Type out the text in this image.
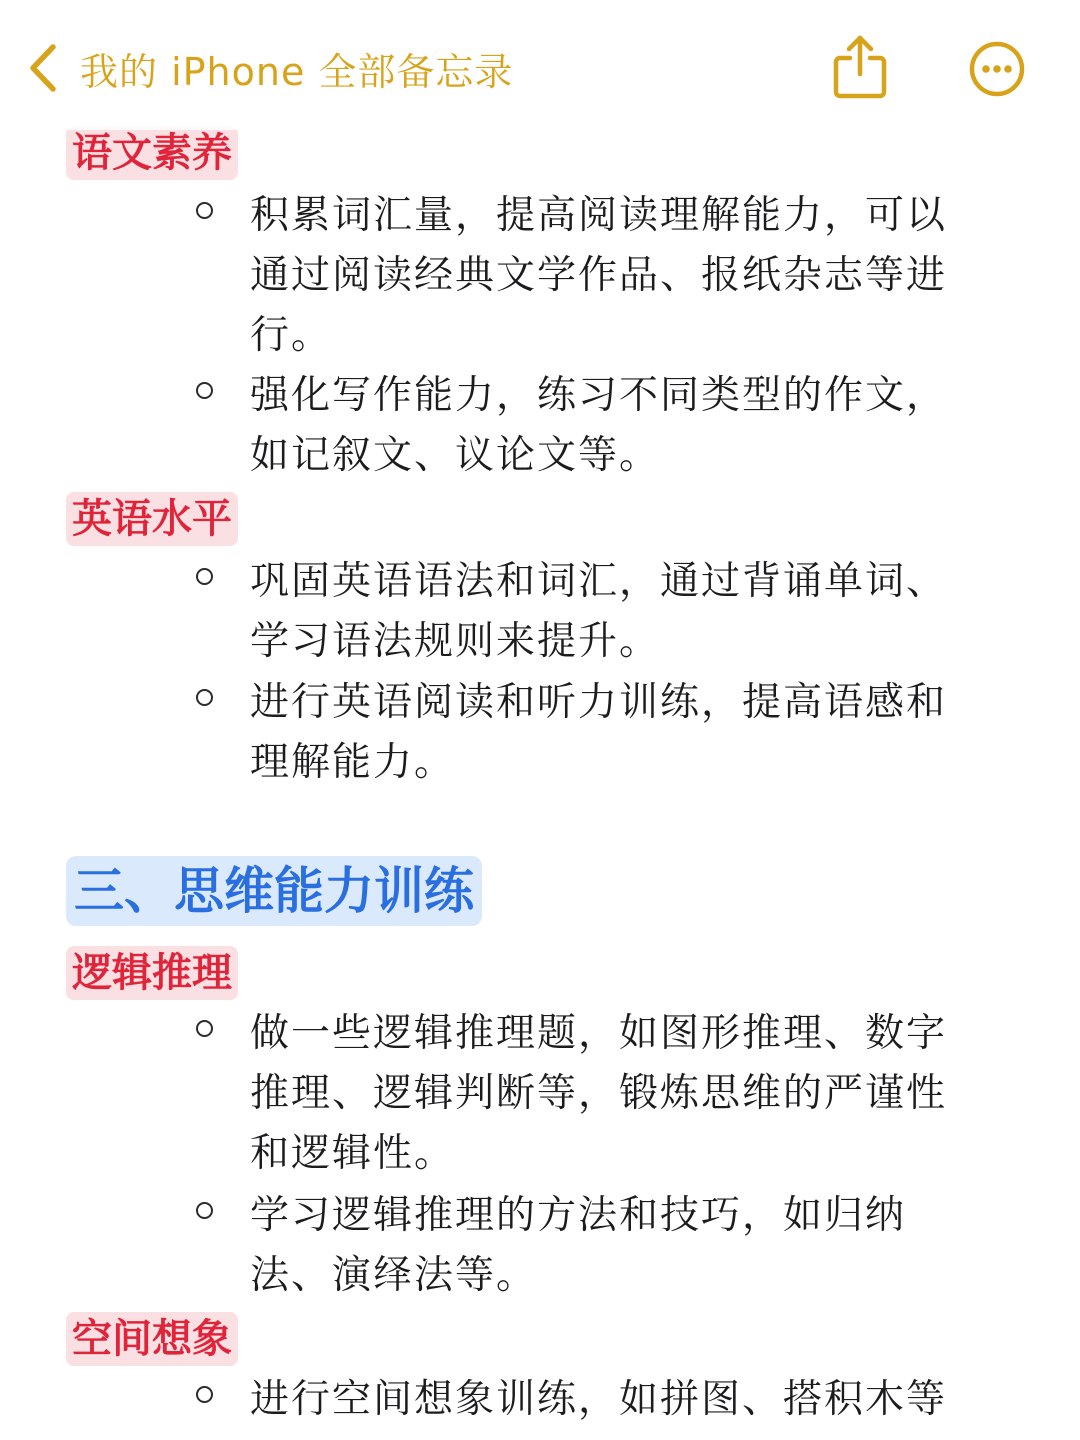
我的 iPhone 全部备忘录
语文素养
积累词汇量，提高阅读理解能力，可以通过阅读经典文学作品、报纸杂志等进行。
强化写作能力，练习不同类型的作文，如记叙文、议论文等。
英语水平
巩固英语语法和词汇，通过背诵单词、学习语法规则来提升。
进行英语阅读和听力训练，提高语感和理解能力。
三、思维能力训练
逻辑推理
做一些逻辑推理题，如图形推理、数字推理、逻辑判断等，锻炼思维的严谨性和逻辑性。
学习逻辑推理的方法和技巧，如归纳法、演绎法等。
空间想象
进行空间想象训练，如拼图、搭积木等
